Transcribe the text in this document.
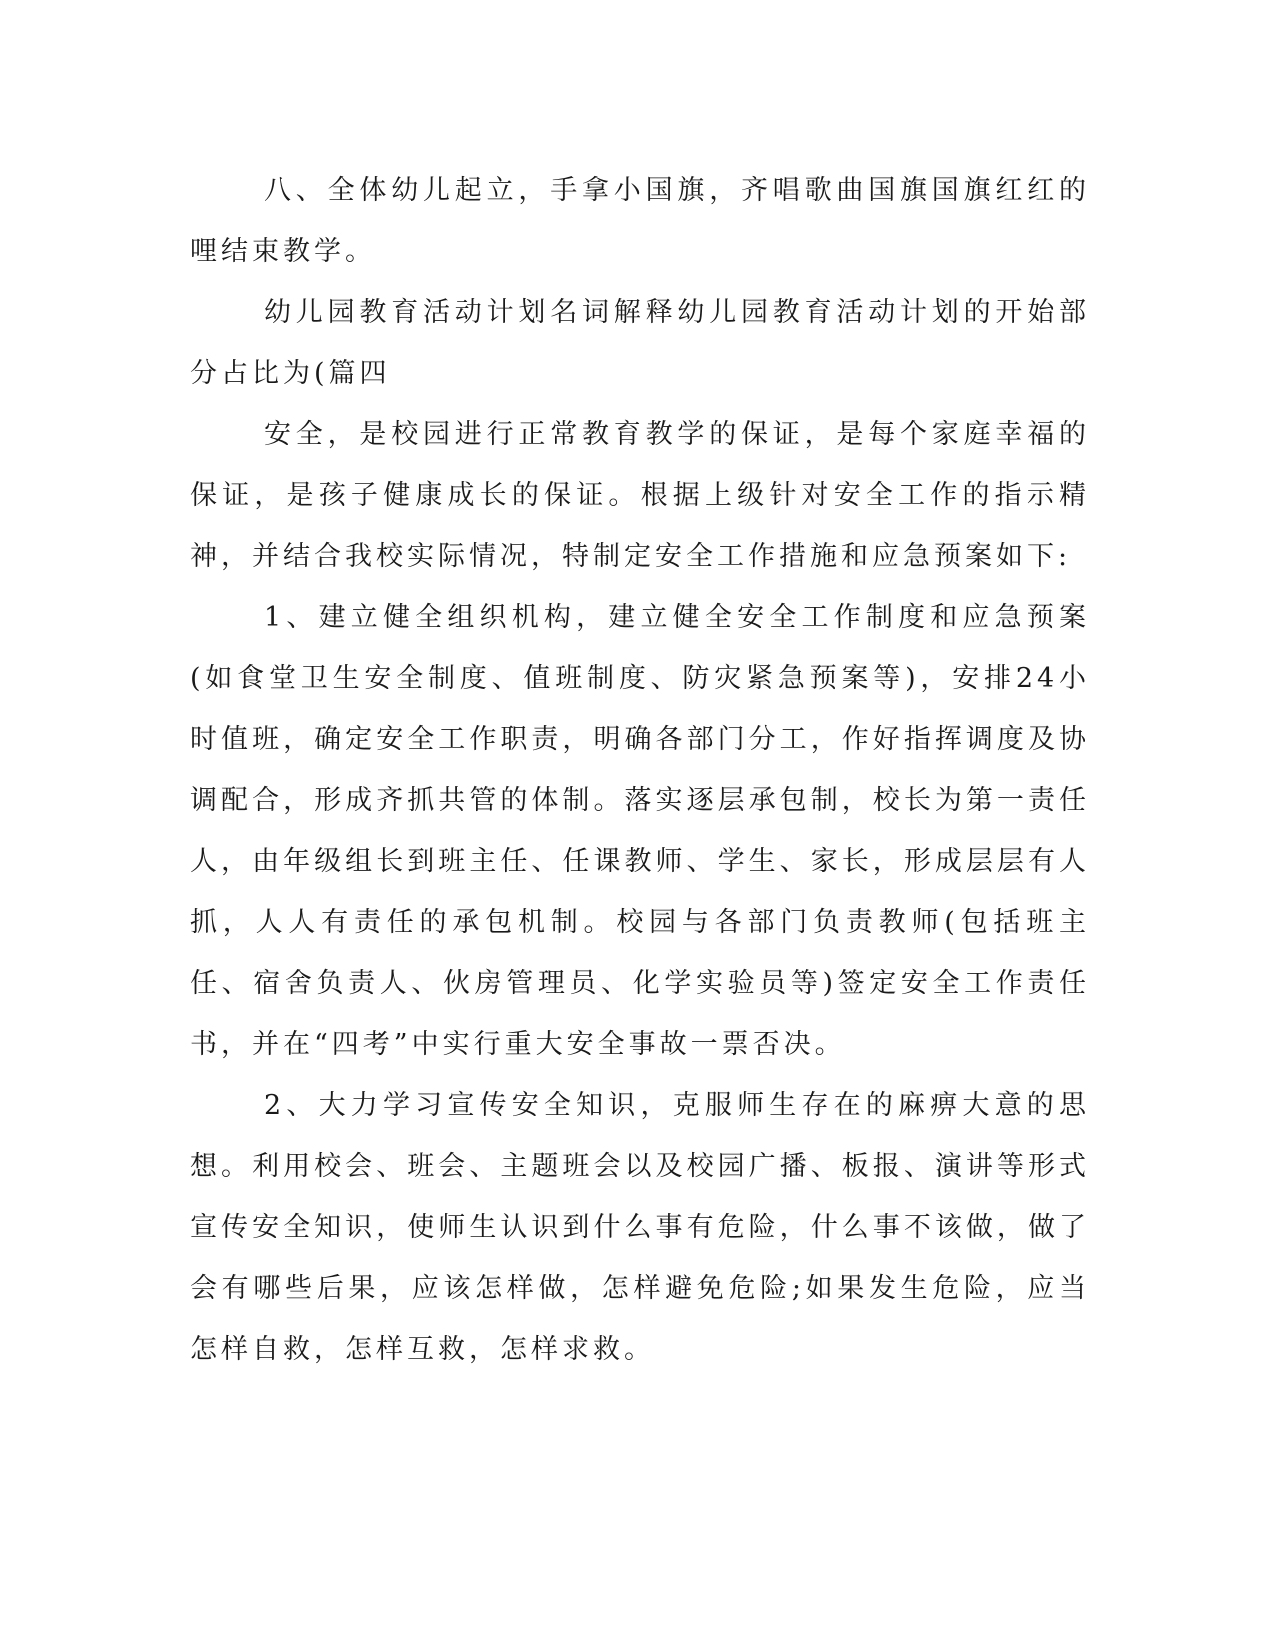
八、全体幼儿起立，手拿小国旗，齐唱歌曲国旗国旗红红的哩结束教学。

幼儿园教育活动计划名词解释幼儿园教育活动计划的开始部分占比为(篇四

安全，是校园进行正常教育教学的保证，是每个家庭幸福的保证，是孩子健康成长的保证。根据上级针对安全工作的指示精神，并结合我校实际情况，特制定安全工作措施和应急预案如下:

1、建立健全组织机构，建立健全安全工作制度和应急预案(如食堂卫生安全制度、值班制度、防灾紧急预案等)，安排24小时值班，确定安全工作职责，明确各部门分工，作好指挥调度及协调配合，形成齐抓共管的体制。落实逐层承包制，校长为第一责任人，由年级组长到班主任、任课教师、学生、家长，形成层层有人抓，人人有责任的承包机制。校园与各部门负责教师(包括班主任、宿舍负责人、伙房管理员、化学实验员等)签定安全工作责任书，并在“四考”中实行重大安全事故一票否决。

2、大力学习宣传安全知识，克服师生存在的麻痹大意的思想。利用校会、班会、主题班会以及校园广播、板报、演讲等形式宣传安全知识，使师生认识到什么事有危险，什么事不该做，做了会有哪些后果，应该怎样做，怎样避免危险;如果发生危险，应当怎样自救，怎样互救，怎样求救。
